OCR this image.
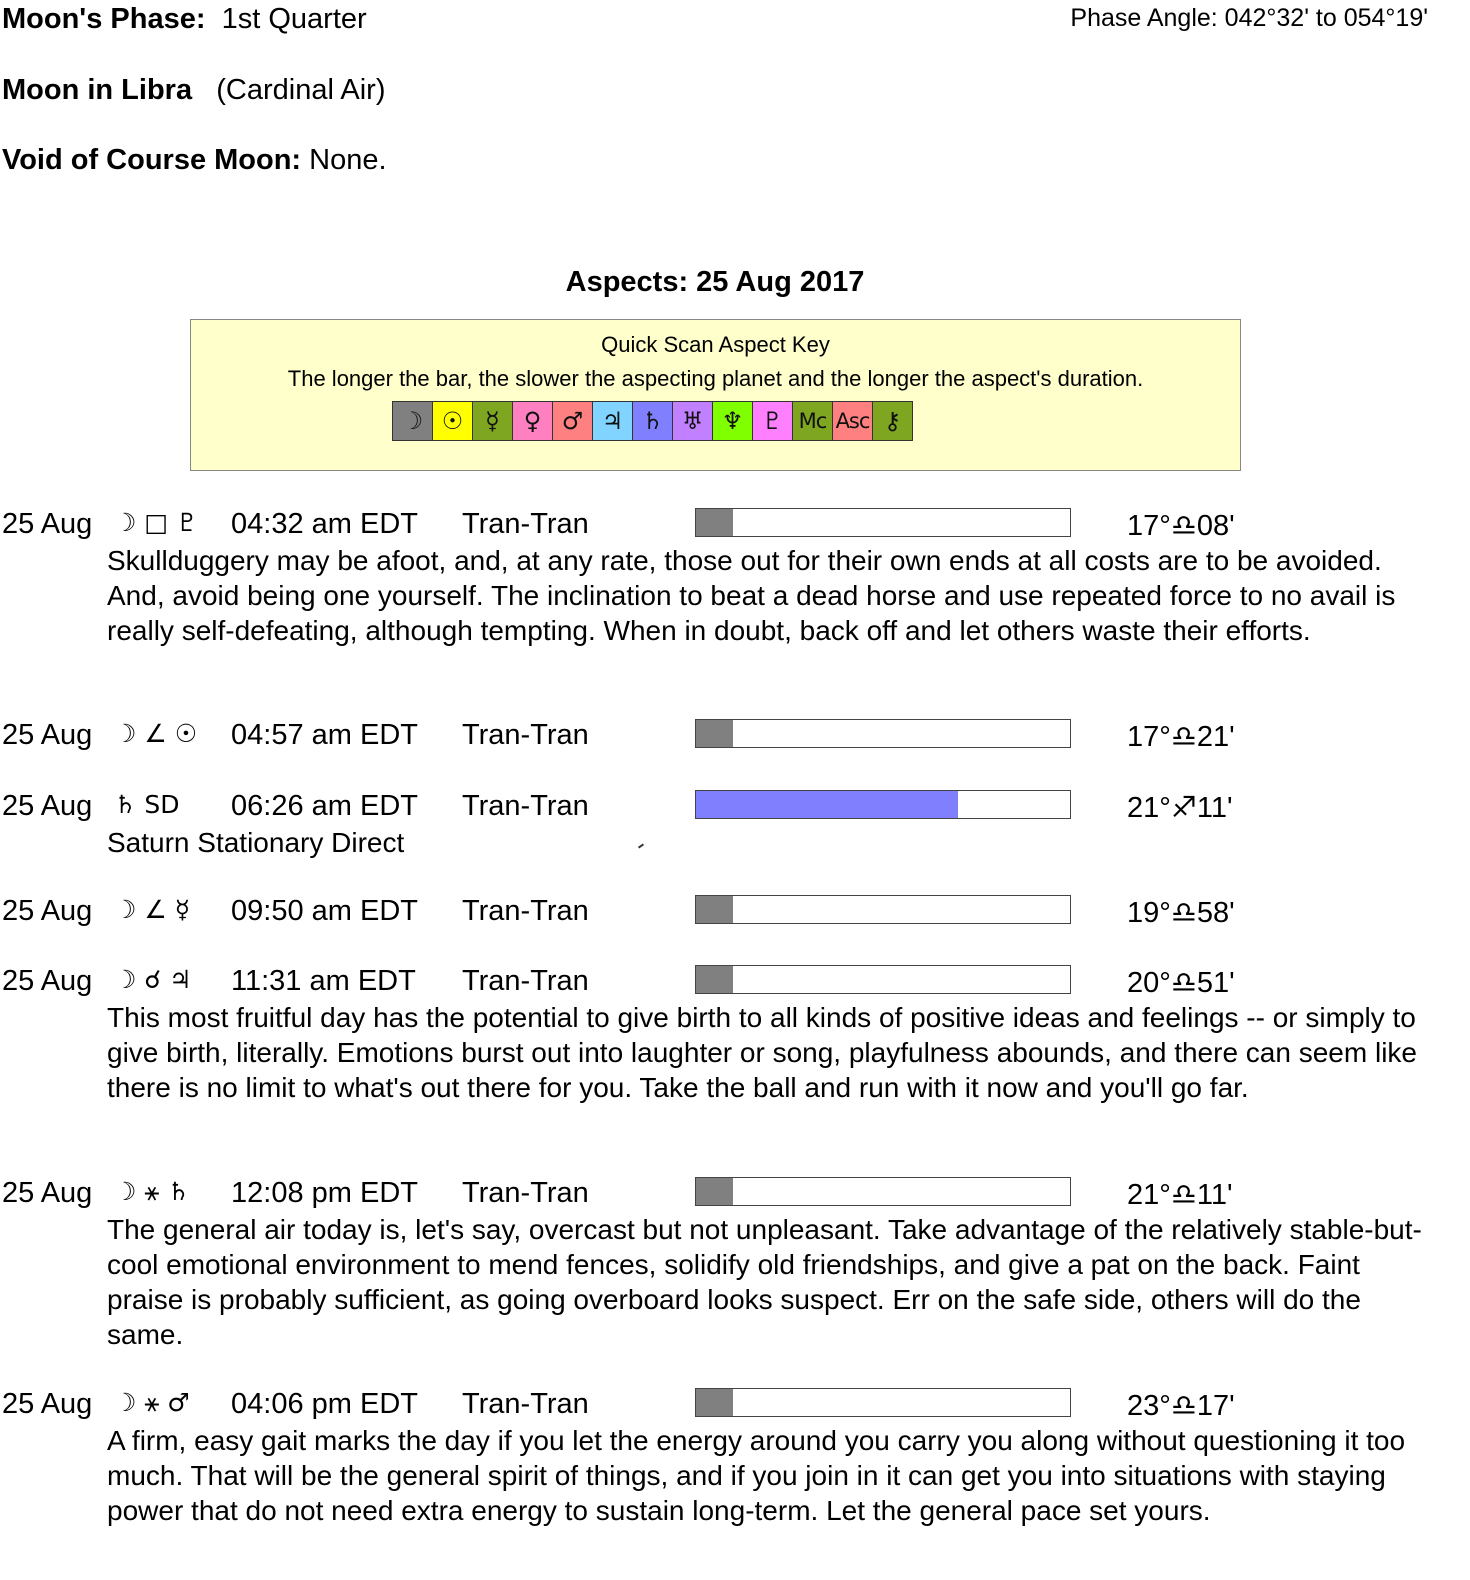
Moon's Phase: 1st Quarter	Phase Angle: 042°32' to 054°19'
Moon in Libra (Cardinal Air)
Void of Course Moon: None.
Aspects: 25 Aug 2017
Quick Scan Aspect Key
The longer the bar, the slower the aspecting planet and the longer the aspect's duration.
☽ ☉ ☿ ♀ ♂ ♃ ♄ ♅ ♆ ♇ Mc Asc ⚷
25 Aug ☽ □ ♇ 04:32 am EDT Tran-Tran	17°♎08'
Skullduggery may be afoot, and, at any rate, those out for their own ends at all costs are to be avoided. And, avoid being one yourself. The inclination to beat a dead horse and use repeated force to no avail is really self-defeating, although tempting. When in doubt, back off and let others waste their efforts.
25 Aug ☽ ∠ ☉ 04:57 am EDT Tran-Tran	17°♎21'
25 Aug ♄ SD 06:26 am EDT Tran-Tran	21°♐11'
Saturn Stationary Direct
25 Aug ☽ ∠ ☿ 09:50 am EDT Tran-Tran	19°♎58'
25 Aug ☽ ☌ ♃ 11:31 am EDT Tran-Tran	20°♎51'
This most fruitful day has the potential to give birth to all kinds of positive ideas and feelings -- or simply to give birth, literally. Emotions burst out into laughter or song, playfulness abounds, and there can seem like there is no limit to what's out there for you. Take the ball and run with it now and you'll go far.
25 Aug ☽ ⚹ ♄ 12:08 pm EDT Tran-Tran	21°♎11'
The general air today is, let's say, overcast but not unpleasant. Take advantage of the relatively stable-but-cool emotional environment to mend fences, solidify old friendships, and give a pat on the back. Faint praise is probably sufficient, as going overboard looks suspect. Err on the safe side, others will do the same.
25 Aug ☽ ⚹ ♂ 04:06 pm EDT Tran-Tran	23°♎17'
A firm, easy gait marks the day if you let the energy around you carry you along without questioning it too much. That will be the general spirit of things, and if you join in it can get you into situations with staying power that do not need extra energy to sustain long-term. Let the general pace set yours.
